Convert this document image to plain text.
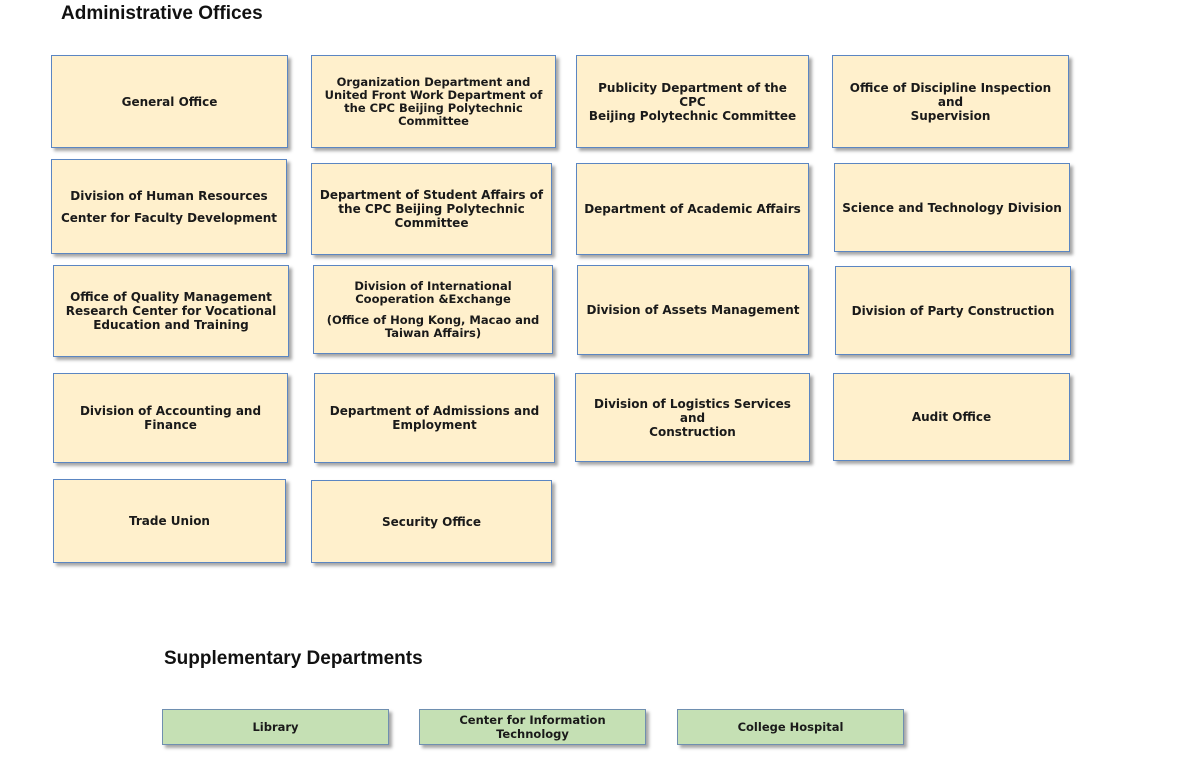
Administrative Offices
General Office
Organization Department and
United Front Work Department of
the CPC Beijing Polytechnic
Committee
Publicity Department of the CPC
Beijing Polytechnic Committee
Office of Discipline Inspection and
Supervision
Division of Human Resources
Center for Faculty Development
Department of Student Affairs of
the CPC Beijing Polytechnic
Committee
Department of Academic Affairs	Science and Technology Division
Office of Quality Management
Research Center for Vocational
Education and Training
Division of International
Cooperation &Exchange
(Office of Hong Kong, Macao and
Taiwan Affairs)
Division of Assets Management	Division of Party Construction
Division of Accounting and
Finance
Department of Admissions and
Employment
Division of Logistics Services and
Construction
Audit Office
Trade Union	Security Office
Supplementary Departments
Library	Center for Information Technology	College Hospital
